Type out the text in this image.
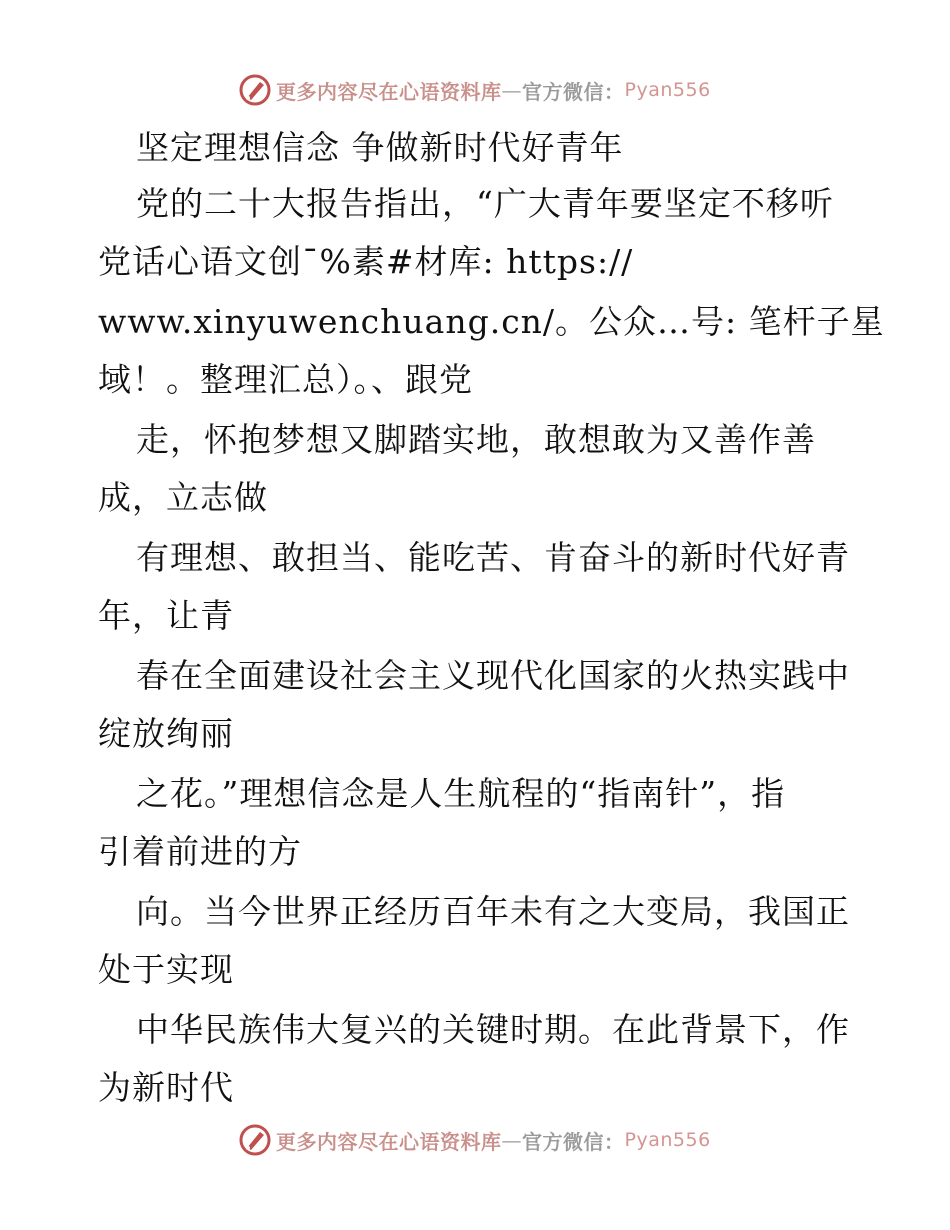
更多内容尽在心语资料库 — 官方微信： Pyan556
坚定理想信念 争做新时代好青年
党的二十大报告指出，“广大青年要坚定不移听
党话心语文创¯%素#材库: https://
www.xinyuwenchuang.cn/。公众…号: 笔杆子星
域！。整理汇总）。、跟党
走，怀抱梦想又脚踏实地，敢想敢为又善作善
成，立志做
有理想、敢担当、能吃苦、肯奋斗的新时代好青
年，让青
春在全面建设社会主义现代化国家的火热实践中
绽放绚丽
之花。”理想信念是人生航程的“指南针”，指
引着前进的方
向。当今世界正经历百年未有之大变局，我国正
处于实现
中华民族伟大复兴的关键时期。在此背景下，作
为新时代
更多内容尽在心语资料库 — 官方微信： Pyan556
